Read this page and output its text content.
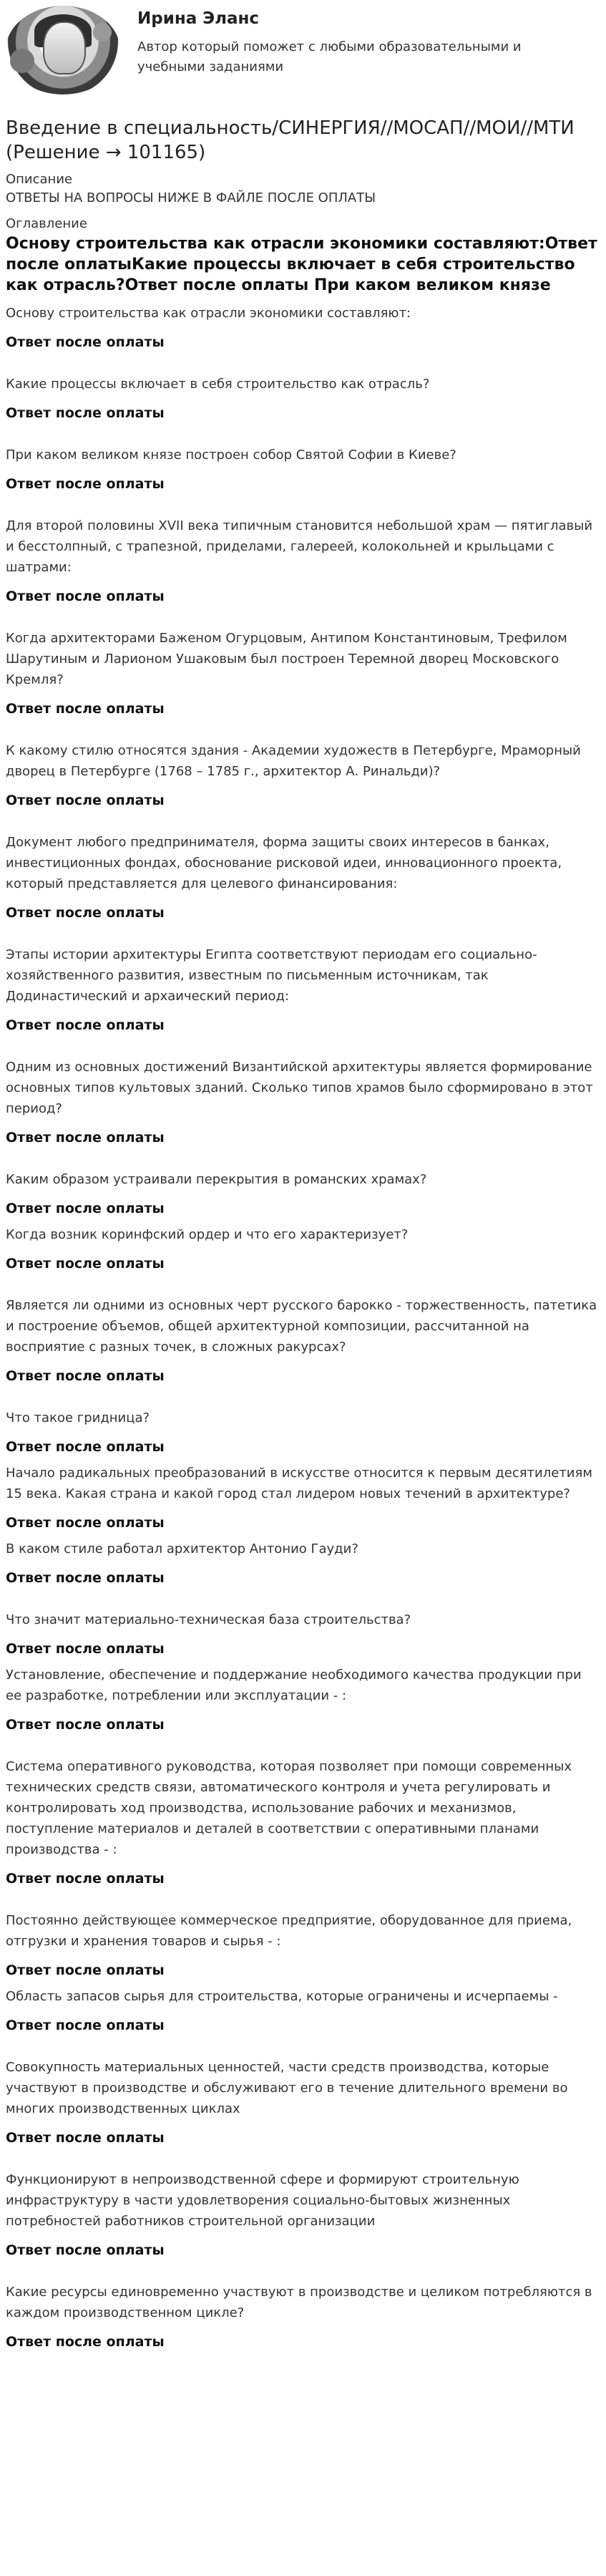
Ирина Эланс
Автор который поможет с любыми образовательными и учебными заданиями
Введение в специальность/СИНЕРГИЯ//МОСАП//МОИ//МТИ (Решение → 101165)
Описание
ОТВЕТЫ НА ВОПРОСЫ НИЖЕ В ФАЙЛЕ ПОСЛЕ ОПЛАТЫ
Оглавление
Основу строительства как отрасли экономики составляют:Ответ после оплатыКакие процессы включает в себя строительство как отрасль?Ответ после оплаты При каком великом князе
Основу строительства как отрасли экономики составляют:
Ответ после оплаты
Какие процессы включает в себя строительство как отрасль?
Ответ после оплаты
При каком великом князе построен собор Святой Софии в Киеве?
Ответ после оплаты
Для второй половины XVII века типичным становится небольшой храм — пятиглавый и бесстолпный, с трапезной, приделами, галереей, колокольней и крыльцами с шатрами:
Ответ после оплаты
Когда архитекторами Баженом Огурцовым, Антипом Константиновым, Трефилом Шарутиным и Ларионом Ушаковым был построен Теремной дворец Московского Кремля?
Ответ после оплаты
К какому стилю относятся здания - Академии художеств в Петербурге, Мраморный дворец в Петербурге (1768 – 1785 г., архитектор А. Ринальди)?
Ответ после оплаты
Документ любого предпринимателя, форма защиты своих интересов в банках, инвестиционных фондах, обоснование рисковой идеи, инновационного проекта, который представляется для целевого финансирования:
Ответ после оплаты
Этапы истории архитектуры Египта соответствуют периодам его социально-хозяйственного развития, известным по письменным источникам, так Додинастический и архаический период:
Ответ после оплаты
Одним из основных достижений Византийской архитектуры является формирование основных типов культовых зданий. Сколько типов храмов было сформировано в этот период?
Ответ после оплаты
Каким образом устраивали перекрытия в романских храмах?
Ответ после оплаты
Когда возник коринфский ордер и что его характеризует?
Ответ после оплаты
Является ли одними из основных черт русского барокко - торжественность, патетика и построение объемов, общей архитектурной композиции, рассчитанной на восприятие с разных точек, в сложных ракурсах?
Ответ после оплаты
Что такое гридница?
Ответ после оплаты
Начало радикальных преобразований в искусстве относится к первым десятилетиям 15 века. Какая страна и какой город стал лидером новых течений в архитектуре?
Ответ после оплаты
В каком стиле работал архитектор Антонио Гауди?
Ответ после оплаты
Что значит материально-техническая база строительства?
Ответ после оплаты
Установление, обеспечение и поддержание необходимого качества продукции при ее разработке, потреблении или эксплуатации - :
Ответ после оплаты
Система оперативного руководства, которая позволяет при помощи современных технических средств связи, автоматического контроля и учета регулировать и контролировать ход производства, использование рабочих и механизмов, поступление материалов и деталей в соответствии с оперативными планами производства - :
Ответ после оплаты
Постоянно действующее коммерческое предприятие, оборудованное для приема, отгрузки и хранения товаров и сырья - :
Ответ после оплаты
Область запасов сырья для строительства, которые ограничены и исчерпаемы -
Ответ после оплаты
Совокупность материальных ценностей, части средств производства, которые участвуют в производстве и обслуживают его в течение длительного времени во многих производственных циклах
Ответ после оплаты
Функционируют в непроизводственной сфере и формируют строительную инфраструктуру в части удовлетворения социально-бытовых жизненных потребностей работников строительной организации
Ответ после оплаты
Какие ресурсы единовременно участвуют в производстве и целиком потребляются в каждом производственном цикле?
Ответ после оплаты
